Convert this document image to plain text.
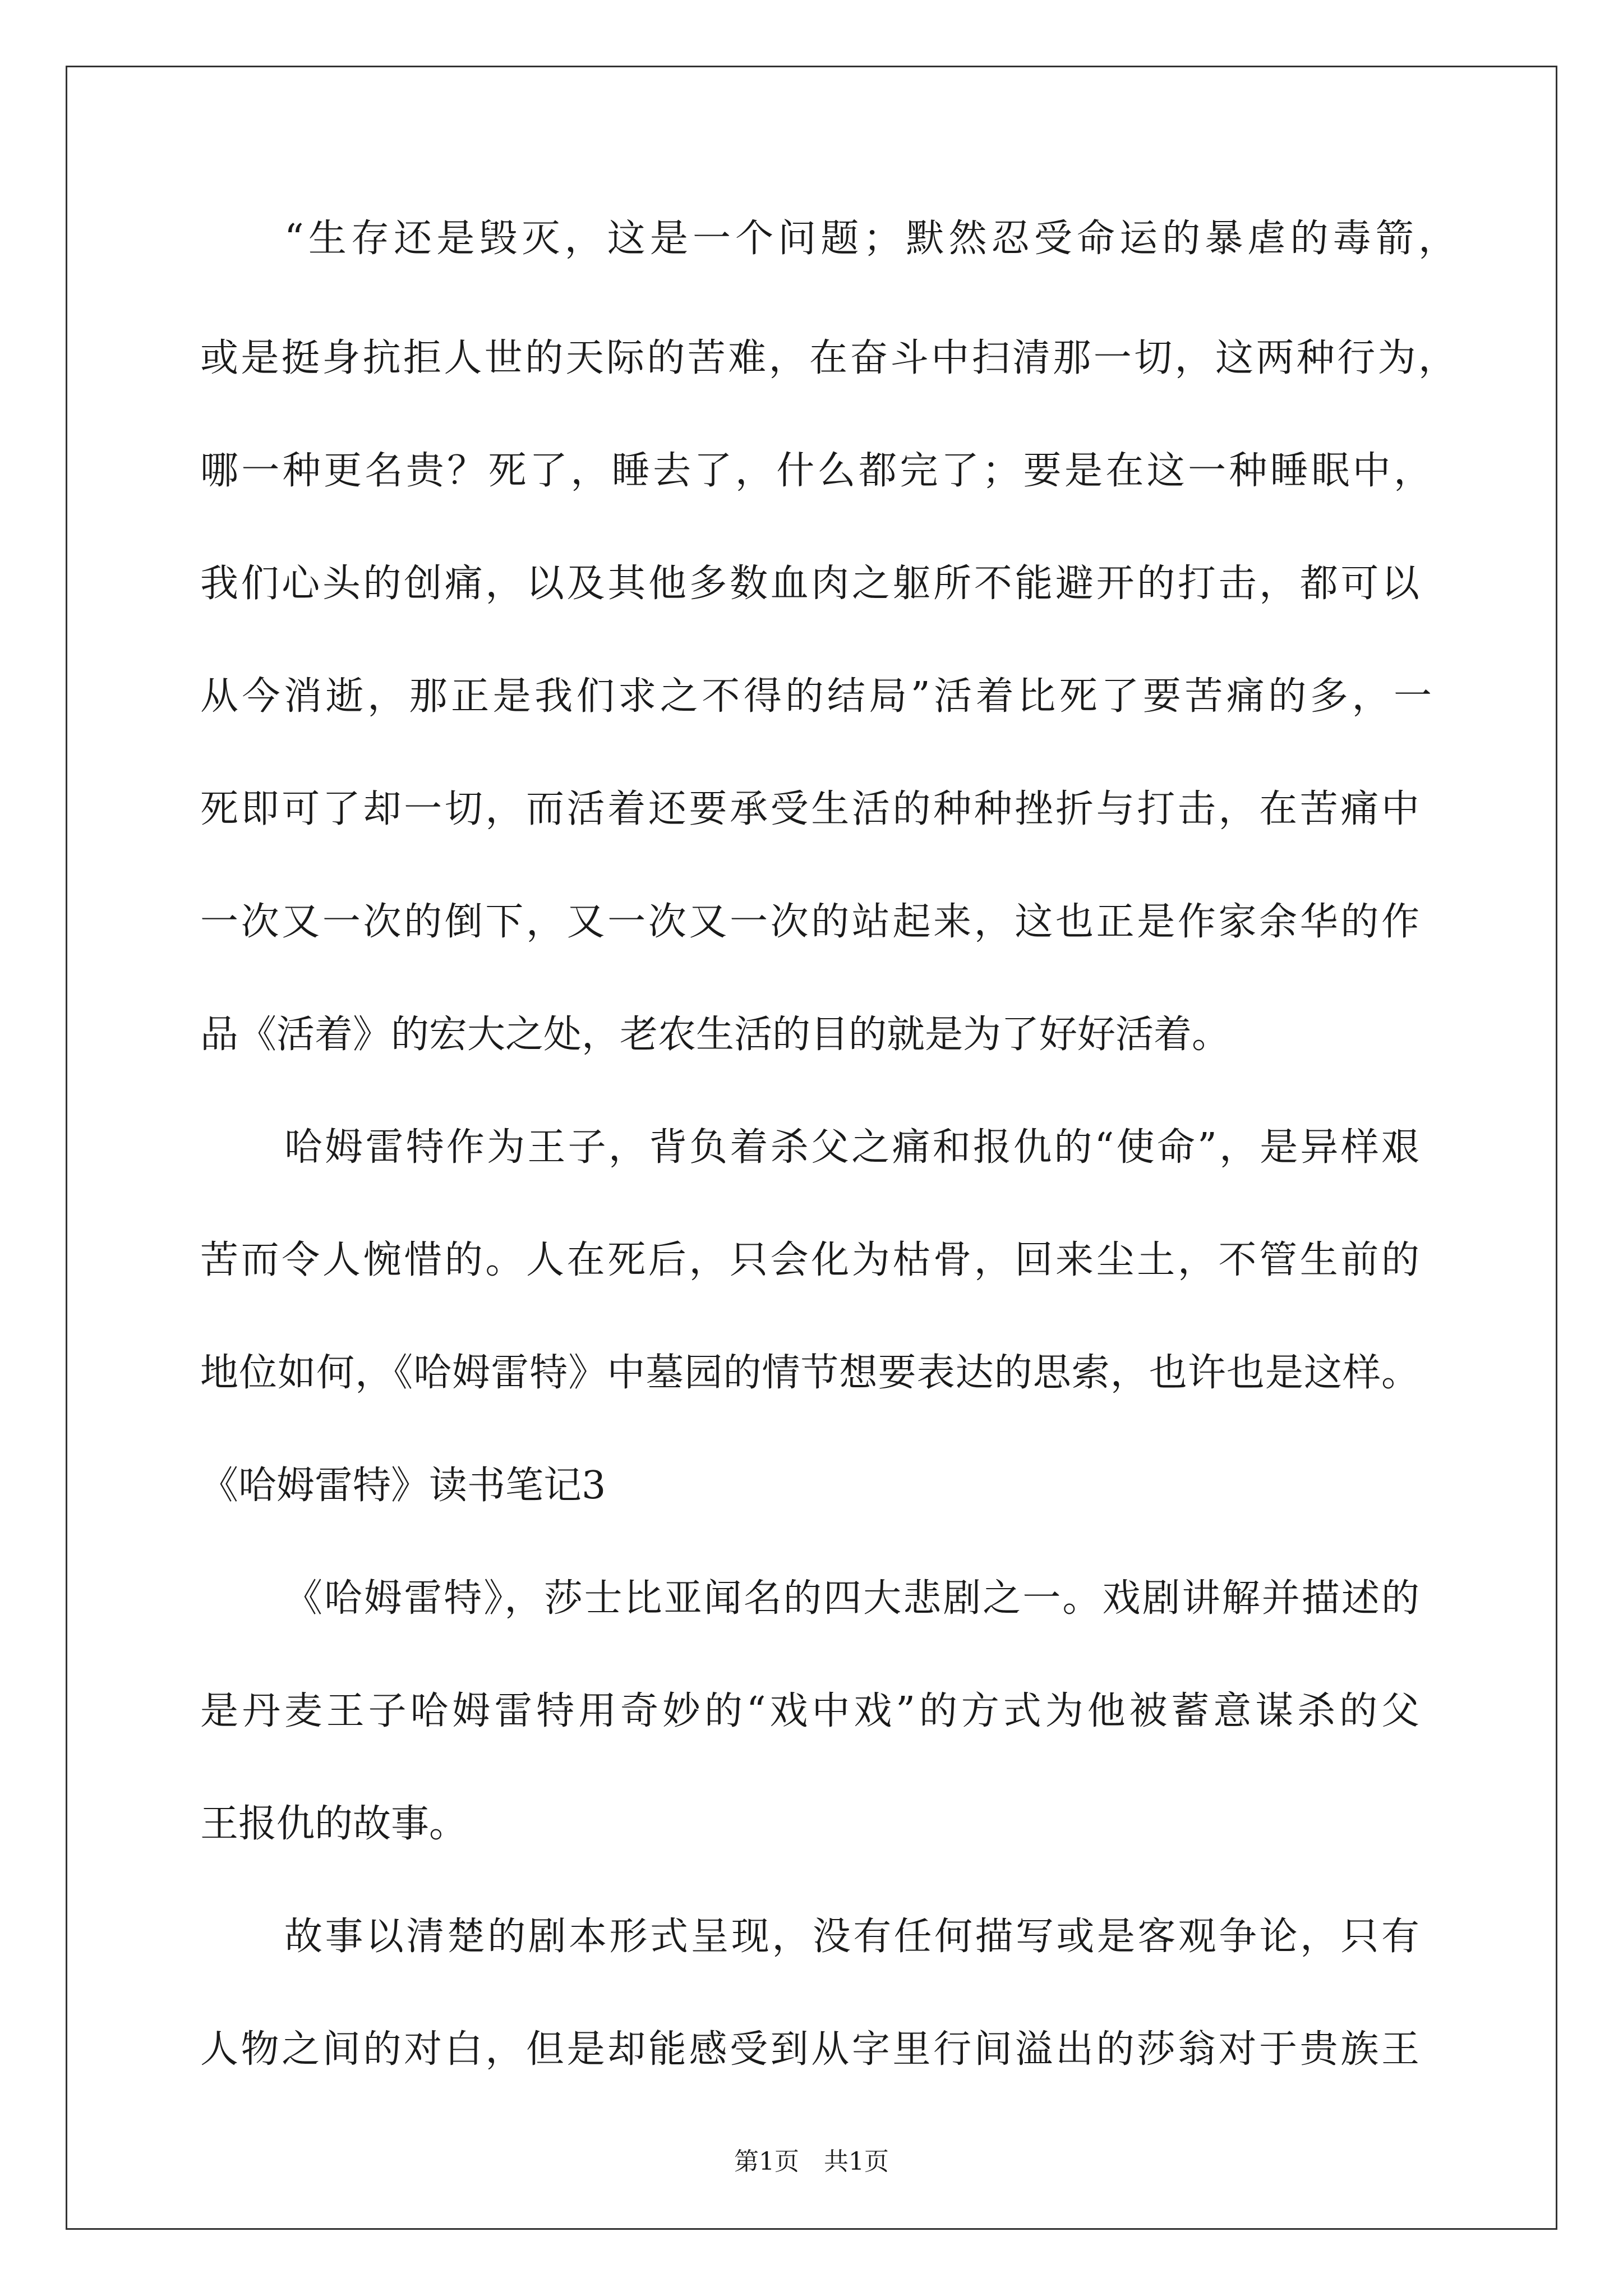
“生存还是毁灭，这是一个问题；默然忍受命运的暴虐的毒箭，
或是挺身抗拒人世的天际的苦难，在奋斗中扫清那一切，这两种行为，
哪一种更名贵？死了，睡去了，什么都完了；要是在这一种睡眠中，
我们心头的创痛，以及其他多数血肉之躯所不能避开的打击，都可以
从今消逝，那正是我们求之不得的结局”活着比死了要苦痛的多，一
死即可了却一切，而活着还要承受生活的种种挫折与打击，在苦痛中
一次又一次的倒下，又一次又一次的站起来，这也正是作家余华的作
品《活着》的宏大之处，老农生活的目的就是为了好好活着。
哈姆雷特作为王子，背负着杀父之痛和报仇的“使命”，是异样艰
苦而令人惋惜的。人在死后，只会化为枯骨，回来尘土，不管生前的
地位如何，《哈姆雷特》中墓园的情节想要表达的思索，也许也是这样。
《哈姆雷特》读书笔记3
《哈姆雷特》，莎士比亚闻名的四大悲剧之一。戏剧讲解并描述的
是丹麦王子哈姆雷特用奇妙的“戏中戏”的方式为他被蓄意谋杀的父
王报仇的故事。
故事以清楚的剧本形式呈现，没有任何描写或是客观争论，只有
人物之间的对白，但是却能感受到从字里行间溢出的莎翁对于贵族王
第1页　共1页
